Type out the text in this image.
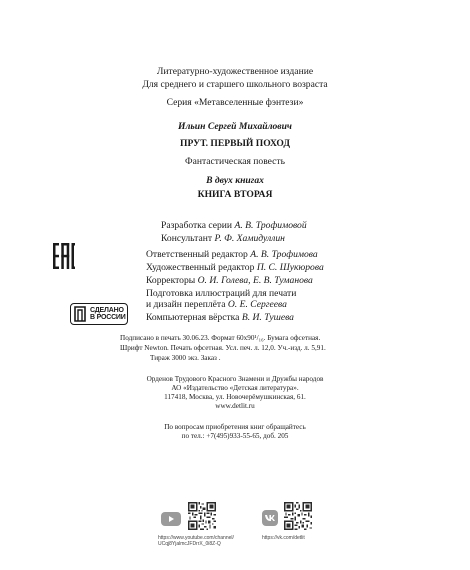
Литературно-художественное издание
Для среднего и старшего школьного возраста
Серия «Метавселенные фэнтези»
Ильин Сергей Михайлович
ПРУТ. ПЕРВЫЙ ПОХОД
Фантастическая повесть
В двух книгах
КНИГА ВТОРАЯ
Разработка серии А. В. Трофимовой
Консультант Р. Ф. Хамидуллин
Ответственный редактор А. В. Трофимова
Художественный редактор П. С. Шукюрова
Корректоры О. И. Голева, Е. В. Туманова
Подготовка иллюстраций для печати
и дизайн переплёта О. Е. Сергеева
Компьютерная вёрстка В. И. Тушева
СДЕЛАНО
В РОССИИ
Подписано в печать 30.06.23. Формат 60x90¹/₁₆. Бумага офсетная.
Шрифт Newton. Печать офсетная. Усл. печ. л. 12,0. Уч.-изд. л. 5,91.
Тираж 3000 экз. Заказ .
Орденов Трудового Красного Знамени и Дружбы народов
АО «Издательство «Детская литература».
117418, Москва, ул. Новочерёмушкинская, 61.
www.detlit.ru
По вопросам приобретения книг обращайтесь
по тел.: +7(495)933-55-65, доб. 205
https://www.youtube.com/channel/
UCqj8YjalmcJFDrrX_0i8Z-Q
https://vk.com/detlit
